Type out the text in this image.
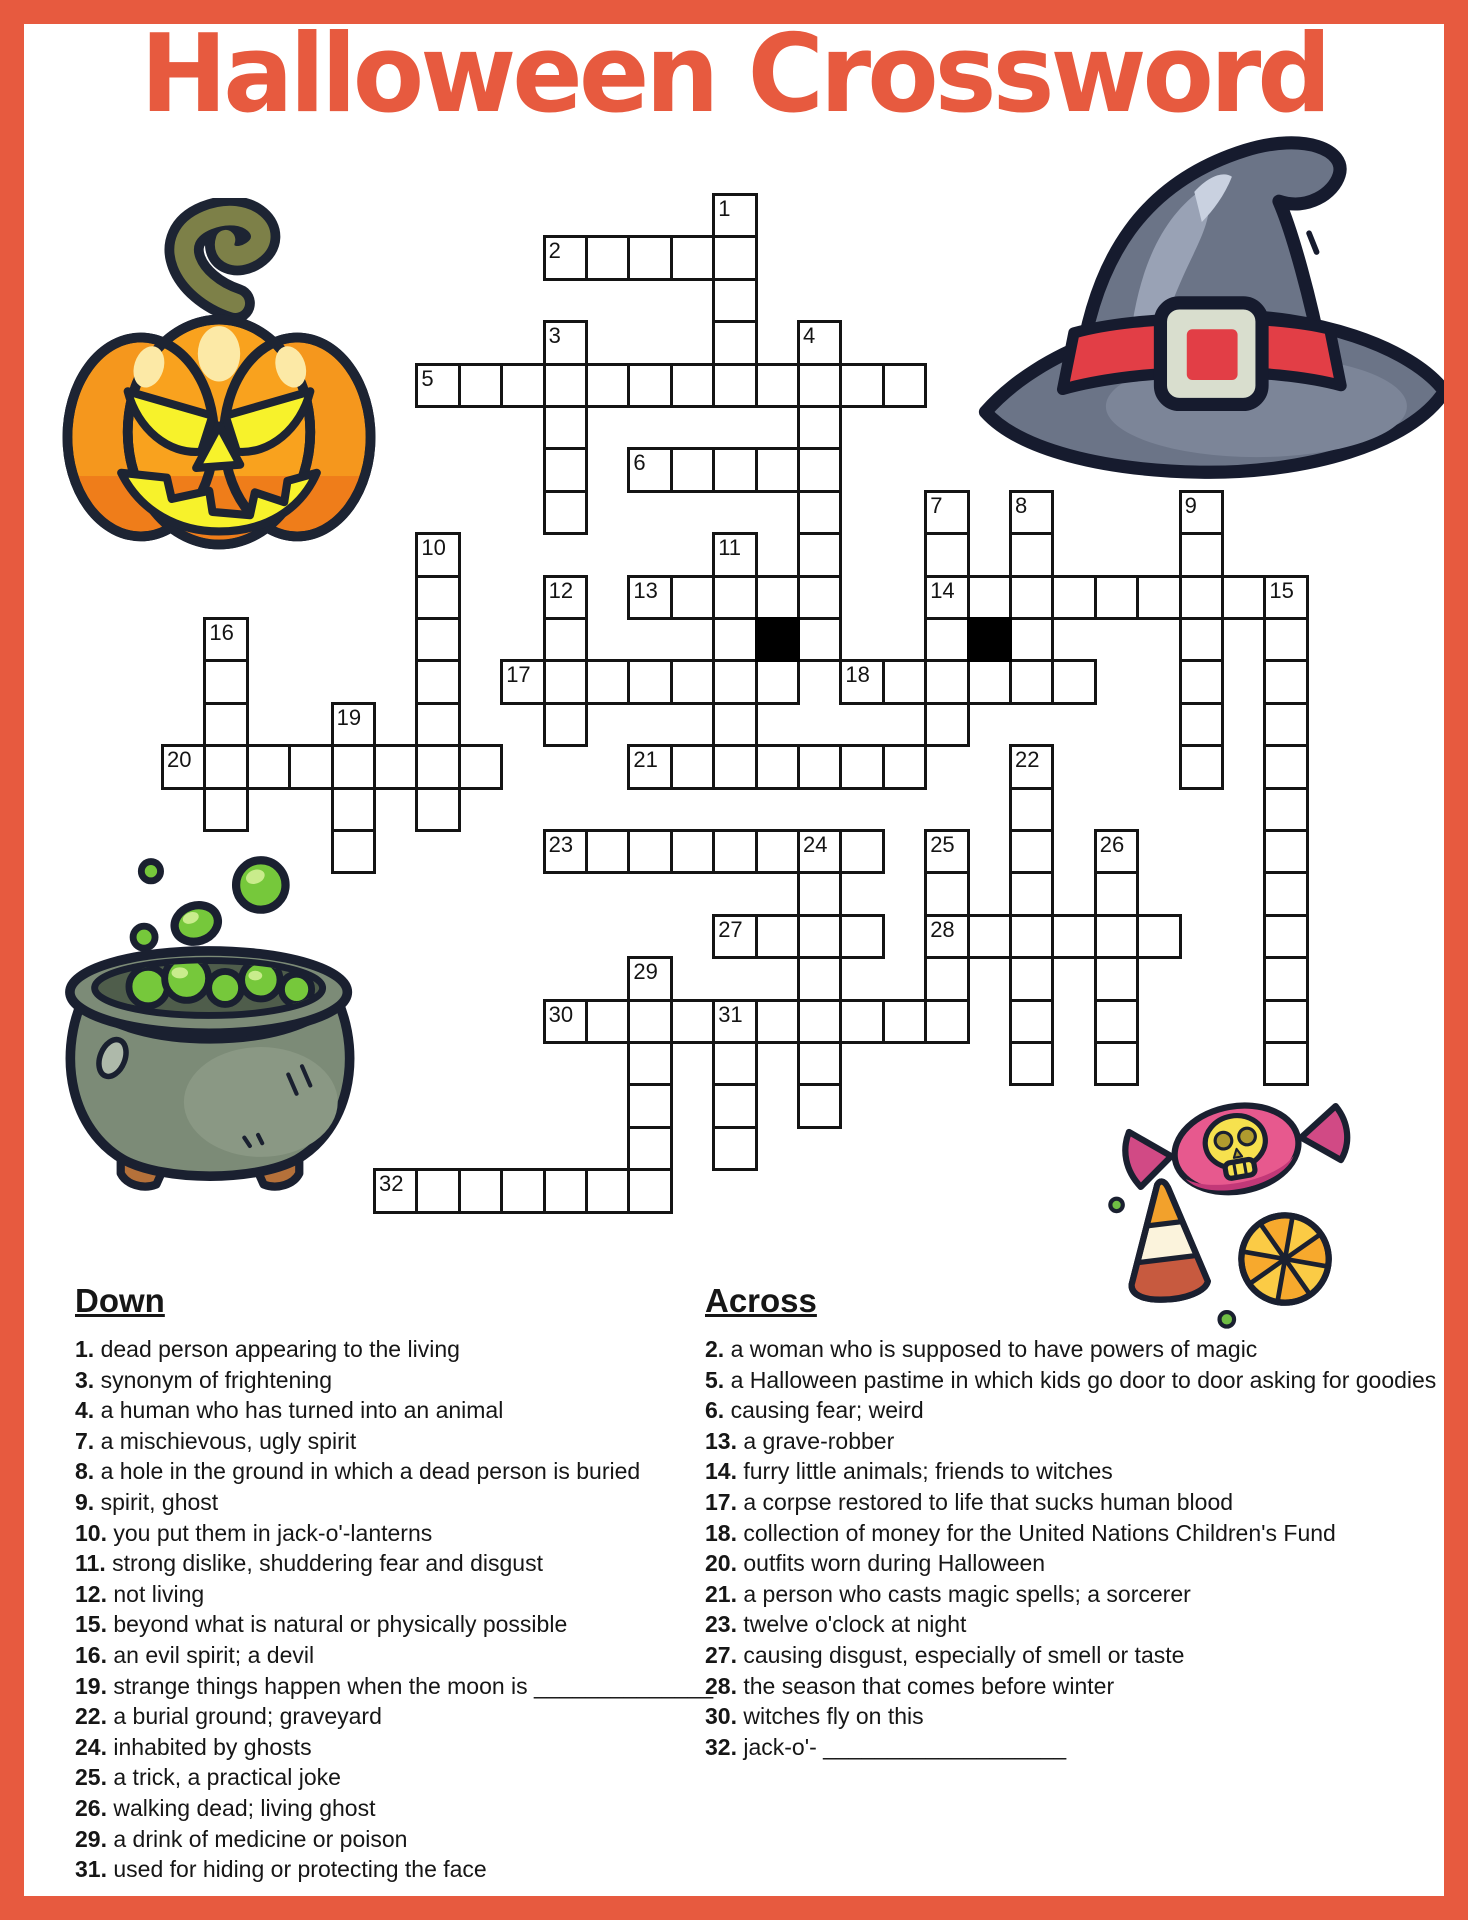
Halloween Crossword
1
2
3	4
5
6
7
14
8	9
10	11
12	13	15
16
17	18
19
20	21	22
23	24	25
28
26
27
29
30	31
32
Down
1. dead person appearing to the living
3. synonym of frightening
4. a human who has turned into an animal
7. a mischievous, ugly spirit
8. a hole in the ground in which a dead person is buried
9. spirit, ghost
10. you put them in jack-o'-lanterns
11. strong dislike, shuddering fear and disgust
12. not living
15. beyond what is natural or physically possible
16. an evil spirit; a devil
19. strange things happen when the moon is ______________
22. a burial ground; graveyard
24. inhabited by ghosts
25. a trick, a practical joke
26. walking dead; living ghost
29. a drink of medicine or poison
31. used for hiding or protecting the face
Across
2. a woman who is supposed to have powers of magic
5. a Halloween pastime in which kids go door to door asking for goodies
6. causing fear; weird
13. a grave-robber
14. furry little animals; friends to witches
17. a corpse restored to life that sucks human blood
18. collection of money for the United Nations Children's Fund
20. outfits worn during Halloween
21. a person who casts magic spells; a sorcerer
23. twelve o'clock at night
27. causing disgust, especially of smell or taste
28. the season that comes before winter
30. witches fly on this
32. jack-o'- ___________________
